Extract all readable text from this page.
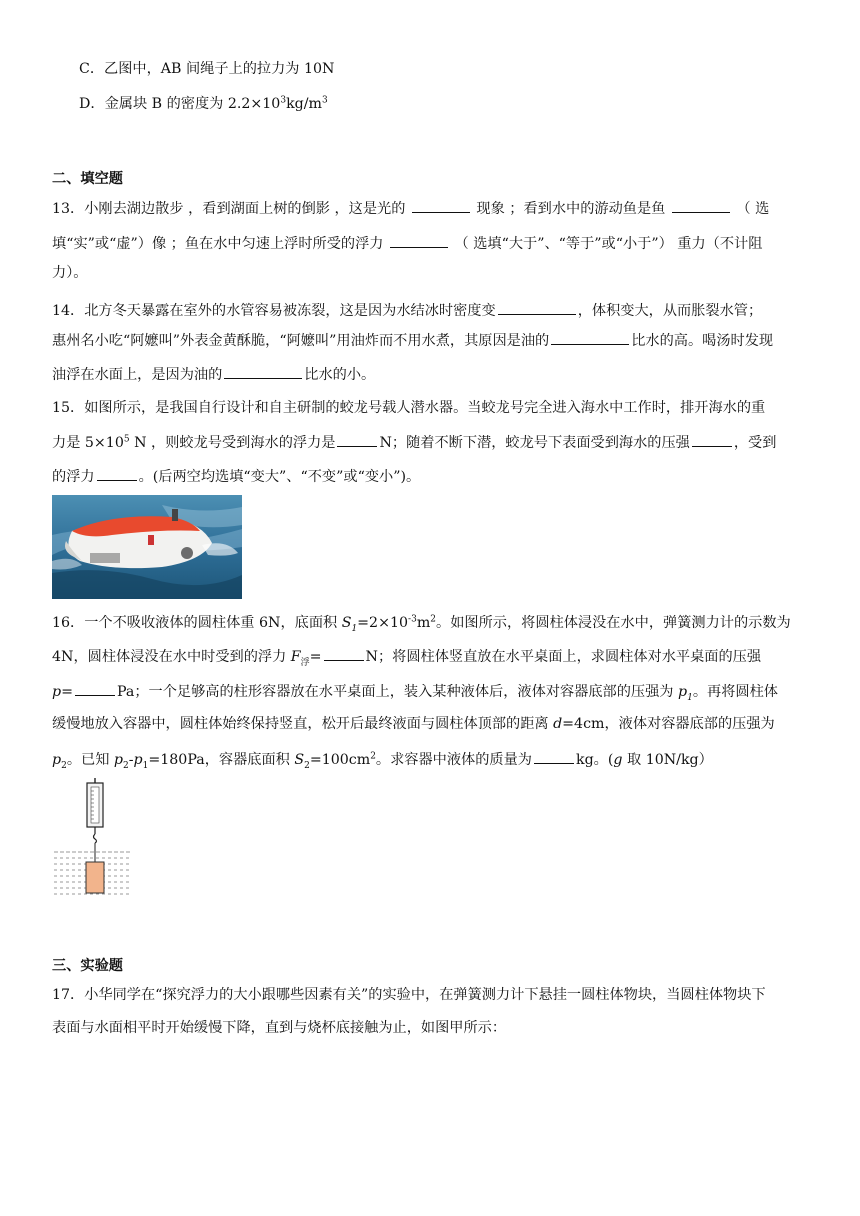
C．乙图中，AB 间绳子上的拉力为 10N
D．金属块 B 的密度为 $2.2\times 10^3kg/m^3$
二、填空题
13．小刚去湖边散步 ，看到湖面上树的倒影 ，这是光的	现象 ；看到水中的游动鱼是鱼	（ 选
填“实”或“虚”）像 ；鱼在水中匀速上浮时所受的浮力	（ 选填“大于”、“等于”或“小于”） 重力（不计阻
力）。
14．北方冬天暴露在室外的水管容易被冻裂，这是因为水结冰时密度变	，体积变大，从而胀裂水管；
惠州名小吃“阿嬷叫”外表金黄酥脆，“阿嬷叫”用油炸而不用水煮，其原因是油的	比水的高。喝汤时发现
油浮在水面上，是因为油的	比水的小。
15．如图所示，是我国自行设计和自主研制的蛟龙号载人潜水器。当蛟龙号完全进入海水中工作时，排开海水的重
力是 $5\times 10^5$ N ，则蛟龙号受到海水的浮力是	N；随着不断下潜，蛟龙号下表面受到海水的压强	，受到
的浮力	。(后两空均选填“变大”、“不变”或“变小”)。
16．一个不吸收液体的圆柱体重 6N，底面积 $S_1=2\times 10^{-3}m^2$。如图所示，将圆柱体浸没在水中，弹簧测力计的示数为
4N，圆柱体浸没在水中时受到的浮力 $F_浮=$	N；将圆柱体竖直放在水平桌面上，求圆柱体对水平桌面的压强
p=	Pa；一个足够高的柱形容器放在水平桌面上，装入某种液体后，液体对容器底部的压强为 $p_1$。再将圆柱体
缓慢地放入容器中，圆柱体始终保持竖直，松开后最终液面与圆柱体顶部的距离 d=4cm，液体对容器底部的压强为
$p_2$。已知 $p_2-p_1=180Pa$，容器底面积 $S_2=100cm^2$。求容器中液体的质量为	kg。(g 取 10N/kg）
三、实验题
17．小华同学在“探究浮力的大小跟哪些因素有关”的实验中，在弹簧测力计下悬挂一圆柱体物块，当圆柱体物块下
表面与水面相平时开始缓慢下降，直到与烧杯底接触为止，如图甲所示：
